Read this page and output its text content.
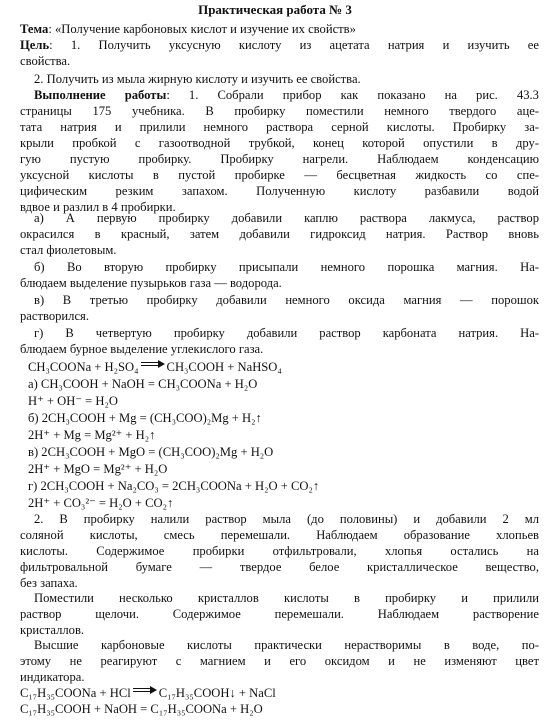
Практическая работа № 3
Тема: «Получение карбоновых кислот и изучение их свойств»
Цель: 1. Получить уксусную кислоту из ацетата натрия и изучить ее
свойства.
2. Получить из мыла жирную кислоту и изучить ее свойства.
Выполнение работы: 1. Собрали прибор как показано на рис. 43.3
страницы 175 учебника. В пробирку поместили немного твердого аце-
тата натрия и прилили немного раствора серной кислоты. Пробирку за-
крыли пробкой с газоотводной трубкой, конец которой опустили в дру-
гую пустую пробирку. Пробирку нагрели. Наблюдаем конденсацию
уксусной кислоты в пустой пробирке — бесцветная жидкость со спе-
цифическим резким запахом. Полученную кислоту разбавили водой
вдвое и разлил в 4 пробирки.
а) А первую пробирку добавили каплю раствора лакмуса, раствор
окрасился в красный, затем добавили гидроксид натрия. Раствор вновь
стал фиолетовым.
б) Во вторую пробирку присыпали немного порошка магния. На-
блюдаем выделение пузырьков газа — водорода.
в) В третью пробирку добавили немного оксида магния — порошок
растворился.
г) В четвертую пробирку добавили раствор карбоната натрия. На-
блюдаем бурное выделение углекислого газа.
CH₃COONa + H₂SO₄ CH₃COOH + NaHSO₄
а) CH₃COOH + NaOH = CH₃COONa + H₂O
H⁺ + OH⁻ = H₂O
б) 2CH₃COOH + Mg = (CH₃COO)₂Mg + H₂↑
2H⁺ + Mg = Mg²⁺ + H₂↑
в) 2CH₃COOH + MgO = (CH₃COO)₂Mg + H₂O
2H⁺ + MgO = Mg²⁺ + H₂O
г) 2CH₃COOH + Na₂CO₃ = 2CH₃COONa + H₂O + CO₂↑
2H⁺ + CO₃²⁻ = H₂O + CO₂↑
2. В пробирку налили раствор мыла (до половины) и добавили 2 мл
соляной кислоты, смесь перемешали. Наблюдаем образование хлопьев
кислоты. Содержимое пробирки отфильтровали, хлопья остались на
фильтровальной бумаге — твердое белое кристаллическое вещество,
без запаха.
Поместили несколько кристаллов кислоты в пробирку и прилили
раствор щелочи. Содержимое перемешали. Наблюдаем растворение
кристаллов.
Высшие карбоновые кислоты практически нерастворимы в воде, по-
этому не реагируют с магнием и его оксидом и не изменяют цвет
индикатора.
C₁₇H₃₅COONa + HCl C₁₇H₃₅COOH↓ + NaCl
C₁₇H₃₅COOH + NaOH = C₁₇H₃₅COONa + H₂O
